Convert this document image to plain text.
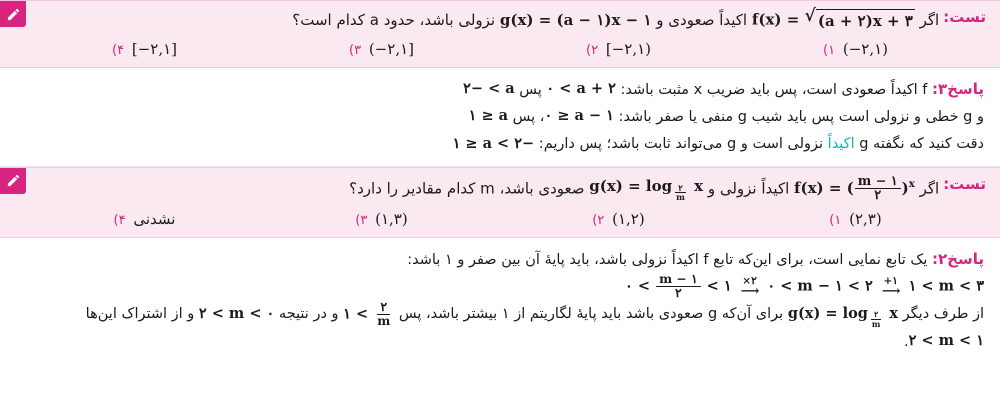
تست:
اگر f(x) = √ (a + ۲)x + ۳
اکیداً صعودی و g(x) = (a − ۱)x − ۱ نزولی باشد، حدود a کدام است؟
(−۲,۱) ۱)
[−۲,۱) ۲)
(−۲,۱] ۳)
[−۲,۱] ۴)
پاسخ۳: f اکیداً صعودی است، پس باید ضریب x مثبت باشد: ۰ < a + ۲ پس ۲− < a
و g خطی و نزولی است پس باید شیب g منفی یا صفر باشد: ۰ ≥ a − ۱، پس ۱ ≥ a
دقت کنید که نگفته g اکیداً نزولی است و g می‌تواند ثابت باشد؛ پس داریم: ۱ ≥ a < ۲−
تست:
اگر f(x) = ( $\frac{m - ۱}{۲} )^x$ اکیداً نزولی و g(x) = log $_{\frac{۲}{m}}$ x صعودی باشد، m کدام مقادیر را دارد؟
(۲,۳) ۱)
(۱,۲) ۲)
(۱,۳) ۳)
نشدنی ۴)
پاسخ۲: یک تابع نمایی است، برای این‌که تابع f اکیداً نزولی باشد، باید پایهٔ آن بین صفر و ۱ باشد:
۰ < $\frac{m - ۱}{۲}$ < ۱ ×۲
⟶ ۰ < m − ۱ < ۲ +۱
⟶ ۱ < m < ۳
از طرف دیگر g(x) = log $_{\frac{۲}{m}}$ x برای آن‌که g صعودی باشد باید پایهٔ لگاریتم از ۱ بیشتر باشد، پس ۱ < $\frac{۲}{m}$
و در نتیجه ۲ < m < ۰ و از اشتراک این‌ها ۲ < m < ۱.
